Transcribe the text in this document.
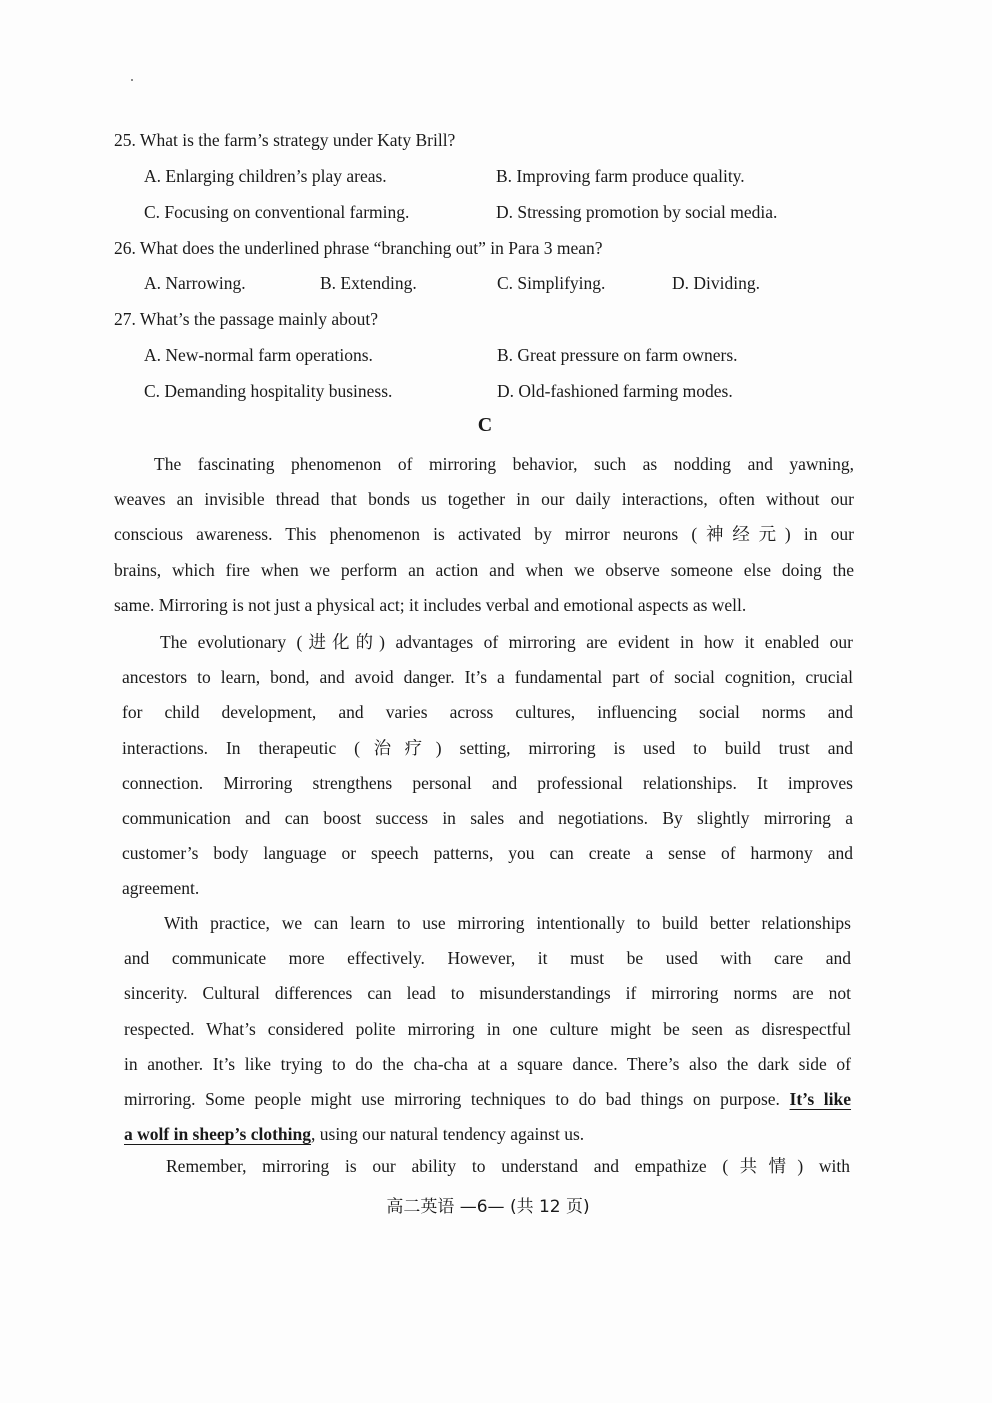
25. What is the farm’s strategy under Katy Brill?
A. Enlarging children’s play areas.	B. Improving farm produce quality.
C. Focusing on conventional farming.	D. Stressing promotion by social media.
26. What does the underlined phrase “branching out” in Para 3 mean?
A. Narrowing.	B. Extending.	C. Simplifying.	D. Dividing.
27. What’s the passage mainly about?
A. New-normal farm operations.	B. Great pressure on farm owners.
C. Demanding hospitality business.	D. Old-fashioned farming modes.
C
The fascinating phenomenon of mirroring behavior, such as nodding and yawning,
weaves an invisible thread that bonds us together in our daily interactions, often without our
conscious awareness. This phenomenon is activated by mirror neurons (神经元) in our
brains, which fire when we perform an action and when we observe someone else doing the
same. Mirroring is not just a physical act; it includes verbal and emotional aspects as well.
The evolutionary (进化的) advantages of mirroring are evident in how it enabled our
ancestors to learn, bond, and avoid danger. It’s a fundamental part of social cognition, crucial
for child development, and varies across cultures, influencing social norms and
interactions. In therapeutic (治疗) setting, mirroring is used to build trust and
connection. Mirroring strengthens personal and professional relationships. It improves
communication and can boost success in sales and negotiations. By slightly mirroring a
customer’s body language or speech patterns, you can create a sense of harmony and
agreement.
With practice, we can learn to use mirroring intentionally to build better relationships
and communicate more effectively. However, it must be used with care and
sincerity. Cultural differences can lead to misunderstandings if mirroring norms are not
respected. What’s considered polite mirroring in one culture might be seen as disrespectful
in another. It’s like trying to do the cha-cha at a square dance. There’s also the dark side of
mirroring. Some people might use mirroring techniques to do bad things on purpose. It’s like
a wolf in sheep’s clothing, using our natural tendency against us.
Remember, mirroring is our ability to understand and empathize (共情) with
高二英语 —6— (共 12 页)
